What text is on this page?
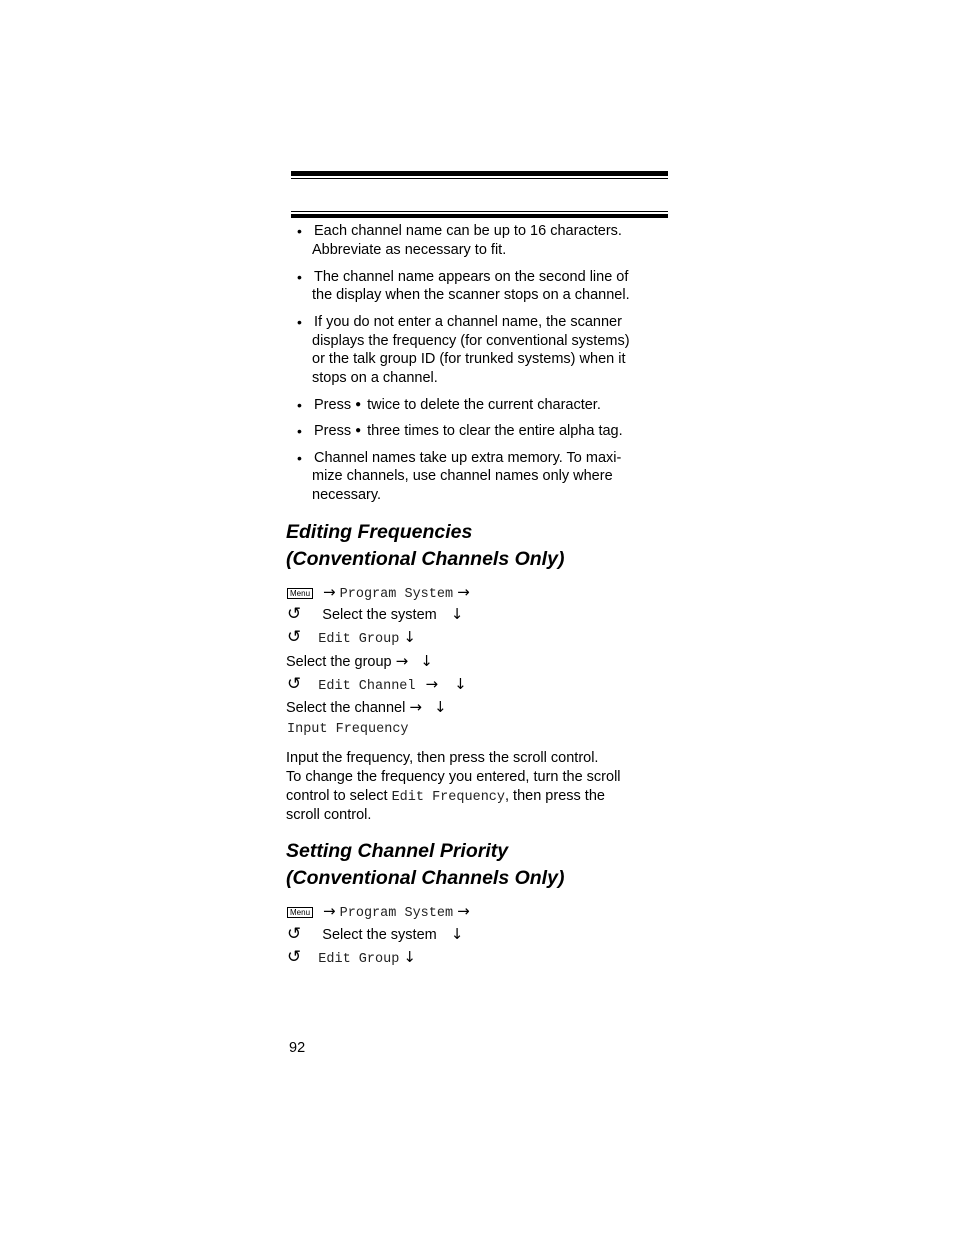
• Each channel name can be up to 16 characters.
Abbreviate as necessary to fit.
• The channel name appears on the second line of
the display when the scanner stops on a channel.
• If you do not enter a channel name, the scanner
displays the frequency (for conventional systems)
or the talk group ID (for trunked systems) when it
stops on a channel.
• Press ● twice to delete the current character.
• Press ● three times to clear the entire alpha tag.
• Channel names take up extra memory. To maxi-
mize channels, use channel names only where
necessary.
Editing Frequencies
(Conventional Channels Only)
Menu → Program System →
↺ Select the system ↓
↺ Edit Group ↓
Select the group → ↓
↺ Edit Channel → ↓
Select the channel → ↓
Input Frequency
Input the frequency, then press the scroll control.
To change the frequency you entered, turn the scroll
control to select Edit Frequency, then press the
scroll control.
Setting Channel Priority
(Conventional Channels Only)
Menu → Program System →
↺ Select the system ↓
↺ Edit Group ↓
92
